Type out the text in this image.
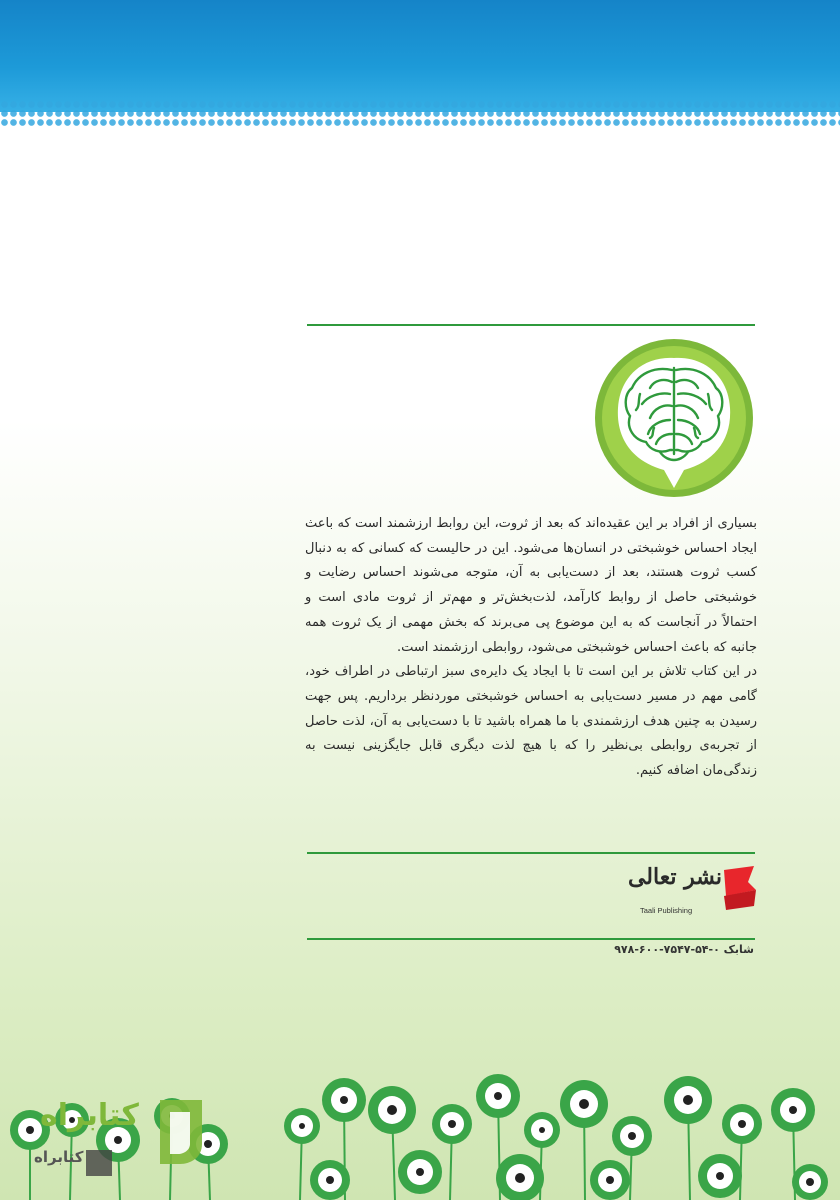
بسیاری از افراد بر این عقیده‌اند که بعد از ثروت، این روابط ارزشمند است که باعث ایجاد احساس خوشبختی در انسان‌ها می‌شود. این در حالیست که کسانی که به دنبال کسب ثروت هستند، بعد از دست‌یابی به آن، متوجه می‌شوند احساس رضایت و خوشبختی حاصل از روابط کارآمد، لذت‌بخش‌تر و مهم‌تر از ثروت مادی است و احتمالاً در آنجاست که به این موضوع پی می‌برند که بخش مهمی از یک ثروت همه جانبه که باعث احساس خوشبختی می‌شود، روابطی ارزشمند است.

در این کتاب تلاش بر این است تا با ایجاد یک دایره‌ی سبز ارتباطی در اطراف خود، گامی مهم در مسیر دست‌یابی به احساس خوشبختی موردنظر برداریم. پس جهت رسیدن به چنین هدف ارزشمندی با ما همراه باشید تا با دست‌یابی به آن، لذت حاصل از تجربه‌ی روابطی بی‌نظیر را که با هیچ لذت دیگری قابل جایگزینی نیست به زندگی‌مان اضافه کنیم.

نشر تعالی
Taali Publishing
شابک ۰-۵۴-۷۵۴۷-۶۰۰-۹۷۸
کتابراه
کتابراه
